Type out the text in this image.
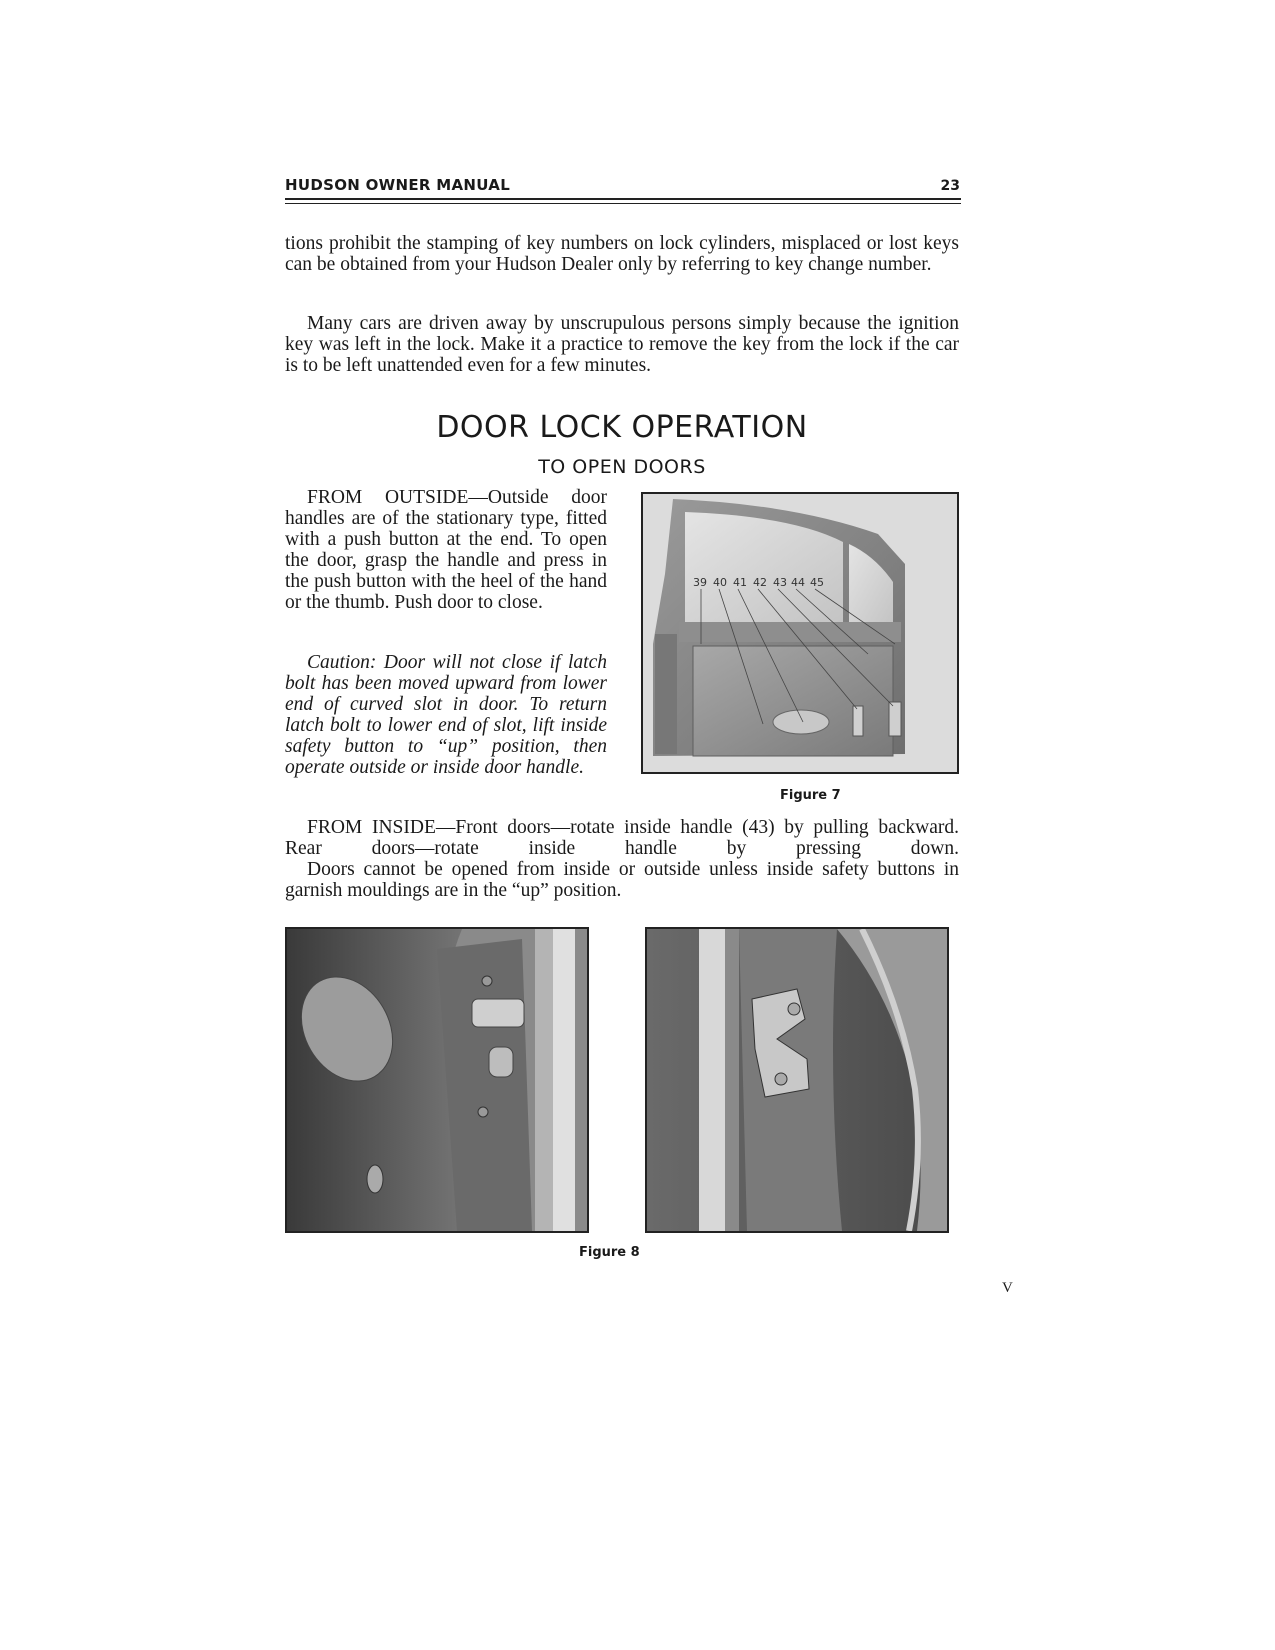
HUDSON OWNER MANUAL	23

tions prohibit the stamping of key numbers on lock cylinders, misplaced or lost keys can be obtained from your Hudson Dealer only by referring to key change number.

Many cars are driven away by unscrupulous persons simply because the ignition key was left in the lock. Make it a practice to remove the key from the lock if the car is to be left unattended even for a few minutes.

DOOR LOCK OPERATION
TO OPEN DOORS

FROM OUTSIDE—Outside door handles are of the stationary type, fitted with a push button at the end. To open the door, grasp the handle and press in the push button with the heel of the hand or the thumb. Push door to close.

Caution: Door will not close if latch bolt has been moved upward from lower end of curved slot in door. To return latch bolt to lower end of slot, lift inside safety button to “up” position, then operate outside or inside door handle.

39 40 41 42 43 44 45
Figure 7

FROM INSIDE—Front doors—rotate inside handle (43) by pulling backward. Rear doors—rotate inside handle by pressing down.

Doors cannot be opened from inside or outside unless inside safety buttons in garnish mouldings are in the “up” position.

Figure 8
V
